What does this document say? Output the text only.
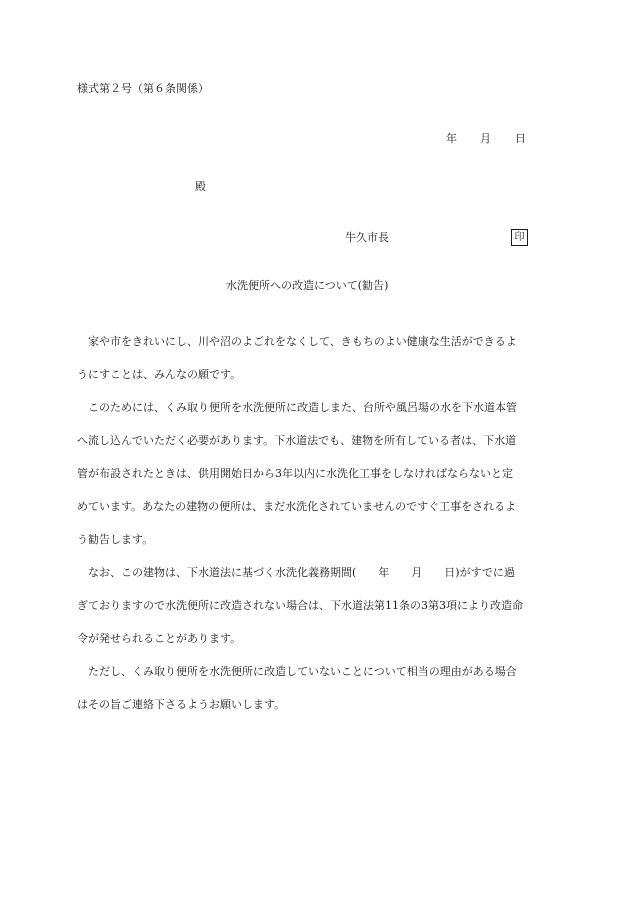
様式第２号（第６条関係）
年 月 日
殿
牛久市長	印
水洗便所への改造について(勧告)
家や市をきれいにし、川や沼のよごれをなくして、きもちのよい健康な生活ができるよ
うにすことは、みんなの願です。
このためには、くみ取り便所を水洗便所に改造しまた、台所や風呂場の水を下水道本管
へ流し込んでいただく必要があります。下水道法でも、建物を所有している者は、下水道
管が布設されたときは、供用開始日から3年以内に水洗化工事をしなければならないと定
めています。あなたの建物の便所は、まだ水洗化されていませんのですぐ工事をされるよ
う勧告します。
なお、この建物は、下水道法に基づく水洗化義務期間(　　年　　月　　日)がすでに過
ぎておりますので水洗便所に改造されない場合は、下水道法第11条の3第3項により改造命
令が発せられることがあります。
ただし、くみ取り便所を水洗便所に改造していないことについて相当の理由がある場合
はその旨ご連絡下さるようお願いします。
